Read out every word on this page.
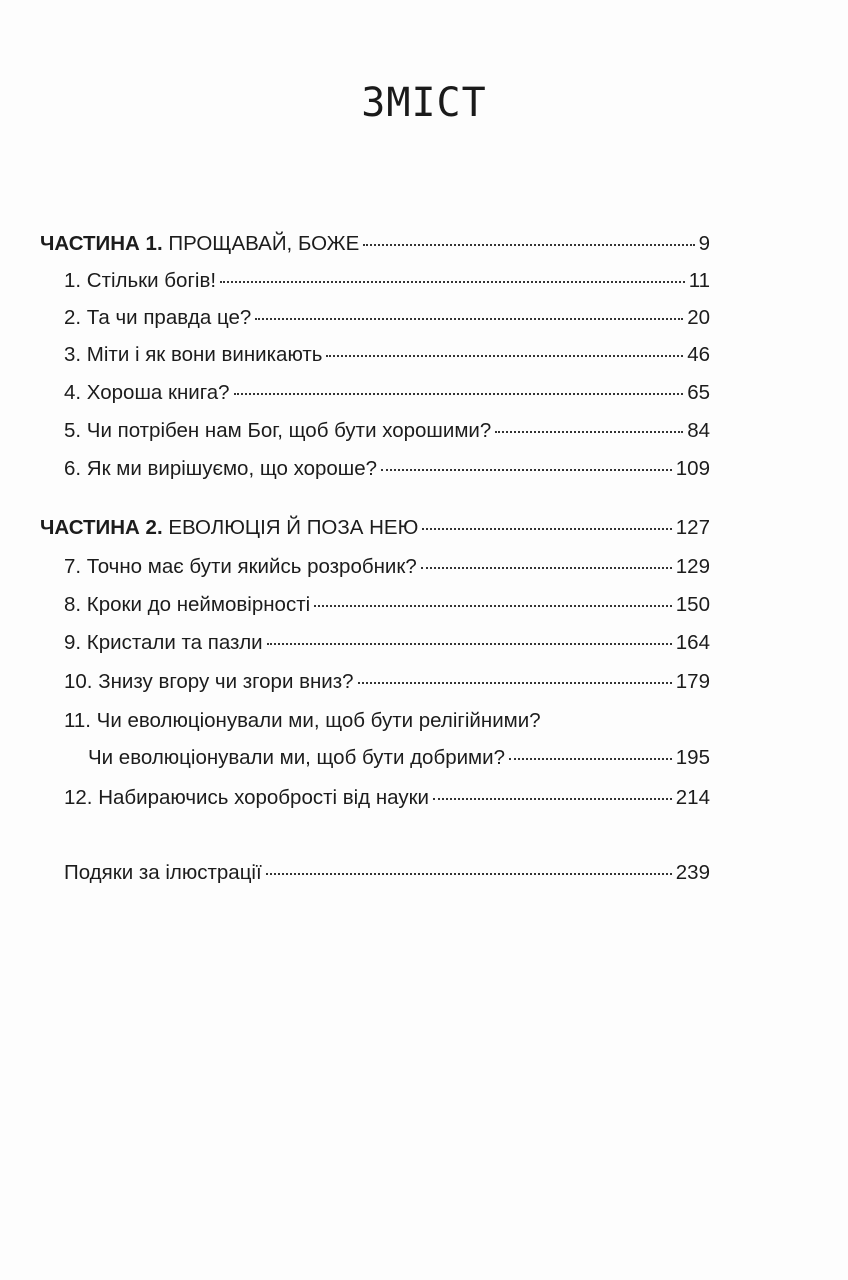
ЗМІСТ
ЧАСТИНА 1. ПРОЩАВАЙ, БОЖЕ	9
1. Стільки богів!	11
2. Та чи правда це?	20
3. Міти і як вони виникають	46
4. Хороша книга?	65
5. Чи потрібен нам Бог, щоб бути хорошими?	84
6. Як ми вирішуємо, що хороше?	109
ЧАСТИНА 2. ЕВОЛЮЦІЯ Й ПОЗА НЕЮ	127
7. Точно має бути якийсь розробник?	129
8. Кроки до неймовірності	150
9. Кристали та пазли	164
10. Знизу вгору чи згори вниз?	179
11. Чи еволюціонували ми, щоб бути релігійними?
Чи еволюціонували ми, щоб бути добрими?	195
12. Набираючись хоробрості від науки	214
Подяки за ілюстрації	239
